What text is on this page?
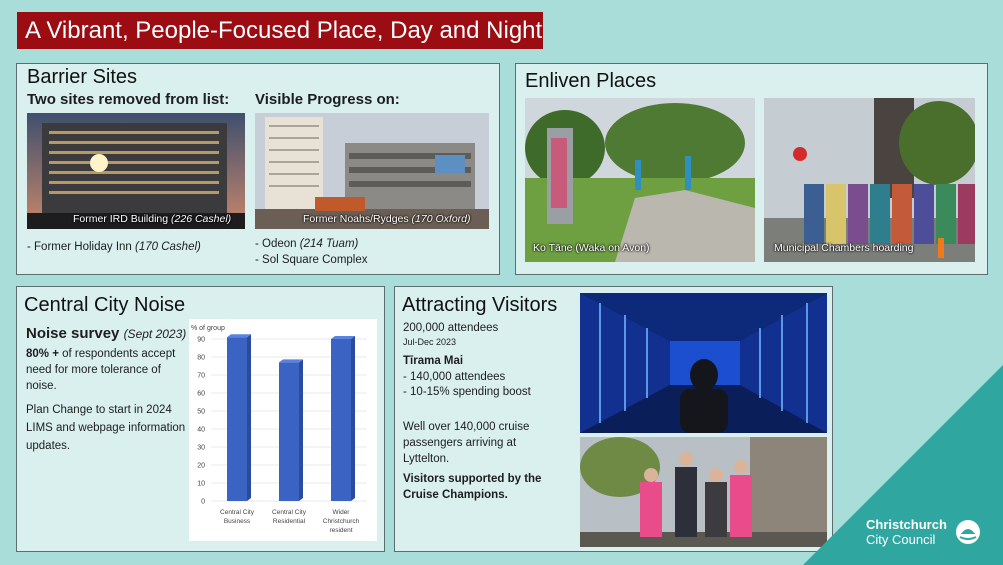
A Vibrant, People-Focused Place, Day and Night
Barrier Sites
Two sites removed from list: Visible Progress on:
Former IRD Building (226 Cashel)	Former Noahs/Rydges (170 Oxford)
- Former Holiday Inn (170 Cashel)	- Odeon (214 Tuam)
- Sol Square Complex
Enliven Places
Ko Tāne (Waka on Avon)	Municipal Chambers hoarding
Central City Noise
Noise survey (Sept 2023)
80% + of respondents accept need for more tolerance of noise.
Plan Change to start in 2024 LIMS and webpage information updates.
% of group
0
10
20
30
40
50
60
70
80
90
Central City Business
Central City Residential
Wider Christchurch resident
Attracting Visitors
200,000 attendees
Jul-Dec 2023
Tīrama Mai
- 140,000 attendees
- 10-15% spending boost
Well over 140,000 cruise passengers arriving at Lyttelton.
Visitors supported by the Cruise Champions.
Christchurch
City Council
